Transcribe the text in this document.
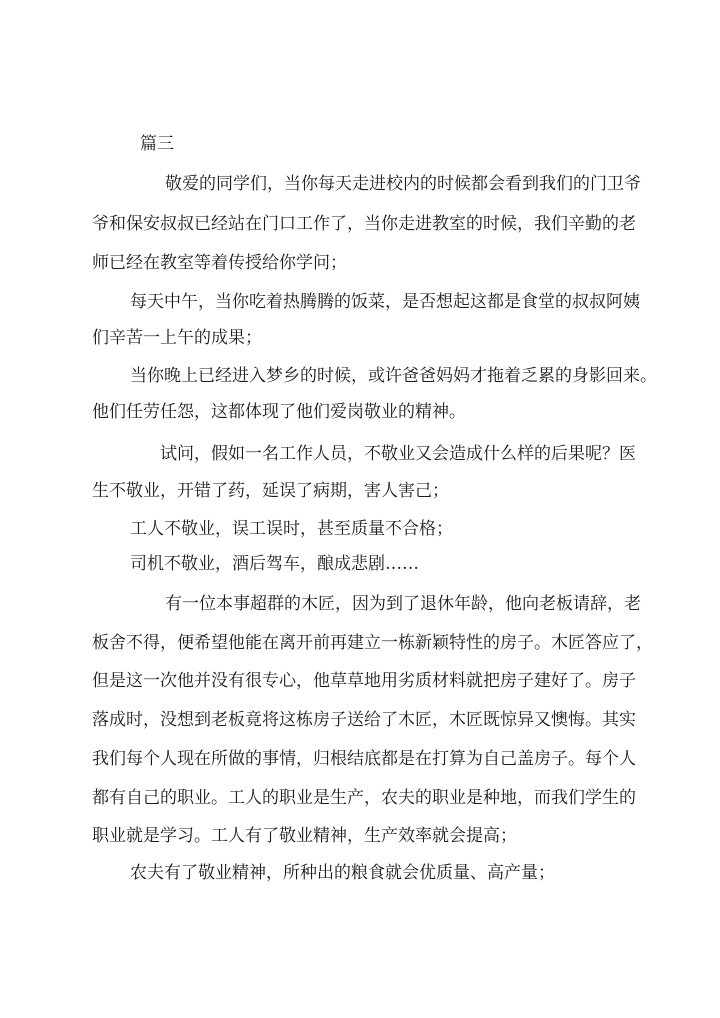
篇三
敬爱的同学们，当你每天走进校内的时候都会看到我们的门卫爷
爷和保安叔叔已经站在门口工作了，当你走进教室的时候，我们辛勤的老
师已经在教室等着传授给你学问；
每天中午，当你吃着热腾腾的饭菜，是否想起这都是食堂的叔叔阿姨
们辛苦一上午的成果；
当你晚上已经进入梦乡的时候，或许爸爸妈妈才拖着乏累的身影回来。
他们任劳任怨，这都体现了他们爱岗敬业的精神。
试问，假如一名工作人员，不敬业又会造成什么样的后果呢？医
生不敬业，开错了药，延误了病期，害人害己；
工人不敬业，误工误时，甚至质量不合格；
司机不敬业，酒后驾车，酿成悲剧……
有一位本事超群的木匠，因为到了退休年龄，他向老板请辞，老
板舍不得，便希望他能在离开前再建立一栋新颖特性的房子。木匠答应了，
但是这一次他并没有很专心，他草草地用劣质材料就把房子建好了。房子
落成时，没想到老板竟将这栋房子送给了木匠，木匠既惊异又懊悔。其实
我们每个人现在所做的事情，归根结底都是在打算为自己盖房子。每个人
都有自己的职业。工人的职业是生产，农夫的职业是种地，而我们学生的
职业就是学习。工人有了敬业精神，生产效率就会提高；
农夫有了敬业精神，所种出的粮食就会优质量、高产量；
